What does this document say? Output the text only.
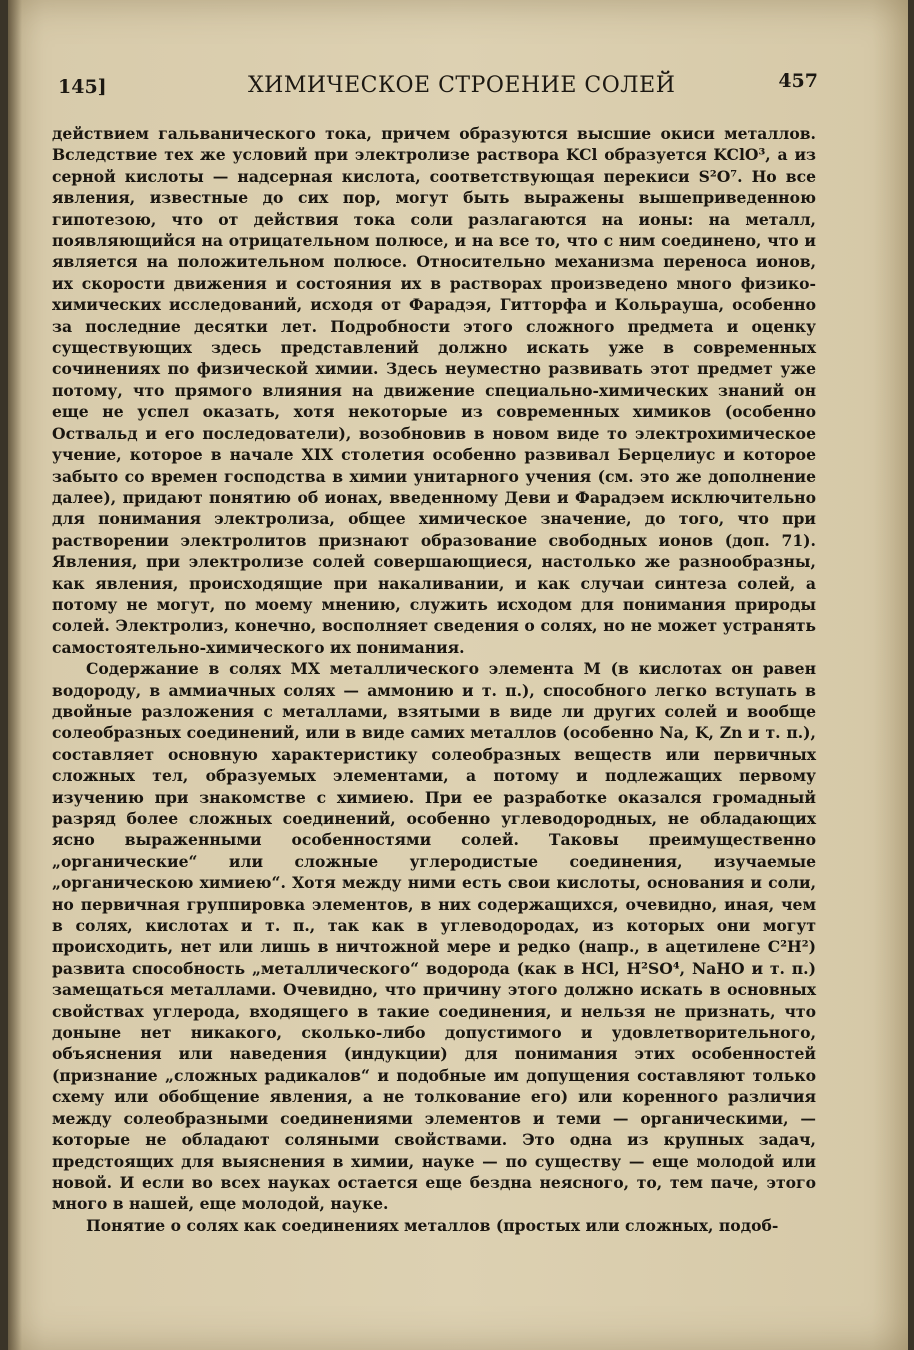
145]	ХИМИЧЕСКОЕ СТРОЕНИЕ СОЛЕЙ	457

действием гальванического тока, причем образуются высшие окиси металлов. Вследствие тех же условий при электролизе раствора KCl образуется KClO³, а из серной кислоты — надсерная кислота, соответствующая перекиси S²O⁷. Но все явления, известные до сих пор, могут быть выражены вышеприведенною гипотезою, что от действия тока соли разлагаются на ионы: на металл, появляющийся на отрицательном полюсе, и на все то, что с ним соединено, что и является на положительном полюсе. Относительно механизма переноса ионов, их скорости движения и состояния их в растворах произведено много физико-химических исследований, исходя от Фарадэя, Гитторфа и Кольрауша, особенно за последние десятки лет. Подробности этого сложного предмета и оценку существующих здесь представлений должно искать уже в современных сочинениях по физической химии. Здесь неуместно развивать этот предмет уже потому, что прямого влияния на движение специально-химических знаний он еще не успел оказать, хотя некоторые из современных химиков (особенно Оствальд и его последователи), возобновив в новом виде то электрохимическое учение, которое в начале XIX столетия особенно развивал Берцелиус и которое забыто со времен господства в химии унитарного учения (см. это же дополнение далее), придают понятию об ионах, введенному Деви и Фарадэем исключительно для понимания электролиза, общее химическое значение, до того, что при растворении электролитов признают образование свободных ионов (доп. 71). Явления, при электролизе солей совершающиеся, настолько же разнообразны, как явления, происходящие при накаливании, и как случаи синтеза солей, а потому не могут, по моему мнению, служить исходом для понимания природы солей. Электролиз, конечно, восполняет сведения о солях, но не может устранять самостоятельно-химического их понимания.

Содержание в солях MX металлического элемента M (в кислотах он равен водороду, в аммиачных солях — аммонию и т. п.), способного легко вступать в двойные разложения с металлами, взятыми в виде ли других солей и вообще солеобразных соединений, или в виде самих металлов (особенно Na, K, Zn и т. п.), составляет основную характеристику солеобразных веществ или первичных сложных тел, образуемых элементами, а потому и подлежащих первому изучению при знакомстве с химиею. При ее разработке оказался громадный разряд более сложных соединений, особенно углеводородных, не обладающих ясно выраженными особенностями солей. Таковы преимущественно „органические“ или сложные углеродистые соединения, изучаемые „органическою химиею“. Хотя между ними есть свои кислоты, основания и соли, но первичная группировка элементов, в них содержащихся, очевидно, иная, чем в солях, кислотах и т. п., так как в углеводородах, из которых они могут происходить, нет или лишь в ничтожной мере и редко (напр., в ацетилене C²H²) развита способность „металлического“ водорода (как в HCl, H²SO⁴, NaHO и т. п.) замещаться металлами. Очевидно, что причину этого должно искать в основных свойствах углерода, входящего в такие соединения, и нельзя не признать, что доныне нет никакого, сколько-либо допустимого и удовлетворительного, объяснения или наведения (индукции) для понимания этих особенностей (признание „сложных радикалов“ и подобные им допущения составляют только схему или обобщение явления, а не толкование его) или коренного различия между солеобразными соединениями элементов и теми — органическими, — которые не обладают соляными свойствами. Это одна из крупных задач, предстоящих для выяснения в химии, науке — по существу — еще молодой или новой. И если во всех науках остается еще бездна неясного, то, тем паче, этого много в нашей, еще молодой, науке.

Понятие о солях как соединениях металлов (простых или сложных, подоб-
